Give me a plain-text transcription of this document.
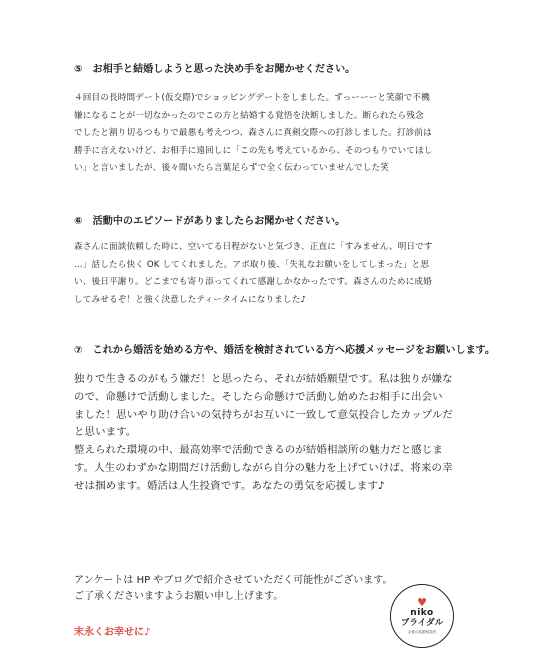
⑤　お相手と結婚しようと思った決め手をお聞かせください。
４回目の長時間デート(仮交際)でショッピングデートをしました。ずっーーーと笑顔で不機
嫌になることが一切なかったのでこの方と結婚する覚悟を決断しました。断られたら残念
でしたと割り切るつもりで最悪も考えつつ、森さんに真剣交際への打診しました。打診前は
勝手に言えないけど、お相手に遠回しに「この先も考えているから、そのつもりでいてほし
い」と言いましたが、後々聞いたら言葉足らずで全く伝わっていませんでした笑
⑥　活動中のエピソードがありましたらお聞かせください。
森さんに面談依頼した時に、空いてる日程がないと気づき、正直に「すみません、明日です
…」話したら快く OK してくれました。アポ取り後、「失礼なお願いをしてしまった」と思
い、後日平謝り。どこまでも寄り添ってくれて感謝しかなかったです。森さんのために成婚
してみせるぞ！と強く決意したティータイムになりました♪
⑦　これから婚活を始める方や、婚活を検討されている方へ応援メッセージをお願いします。
独りで生きるのがもう嫌だ！と思ったら、それが結婚願望です。私は独りが嫌な
ので、命懸けで活動しました。そしたら命懸けで活動し始めたお相手に出会い
ました！思いやり助け合いの気持ちがお互いに一致して意気投合したカップルだ
と思います。
整えられた環境の中、最高効率で活動できるのが結婚相談所の魅力だと感じま
す。人生のわずかな期間だけ活動しながら自分の魅力を上げていけば、将来の幸
せは掴めます。婚活は人生投資です。あなたの勇気を応援します♪
アンケートは HP やブログで紹介させていただく可能性がございます。
ご了承くださいますようお願い申し上げます。
末永くお幸せに♪
♥
niko
ブライダル
京都の結婚相談所
